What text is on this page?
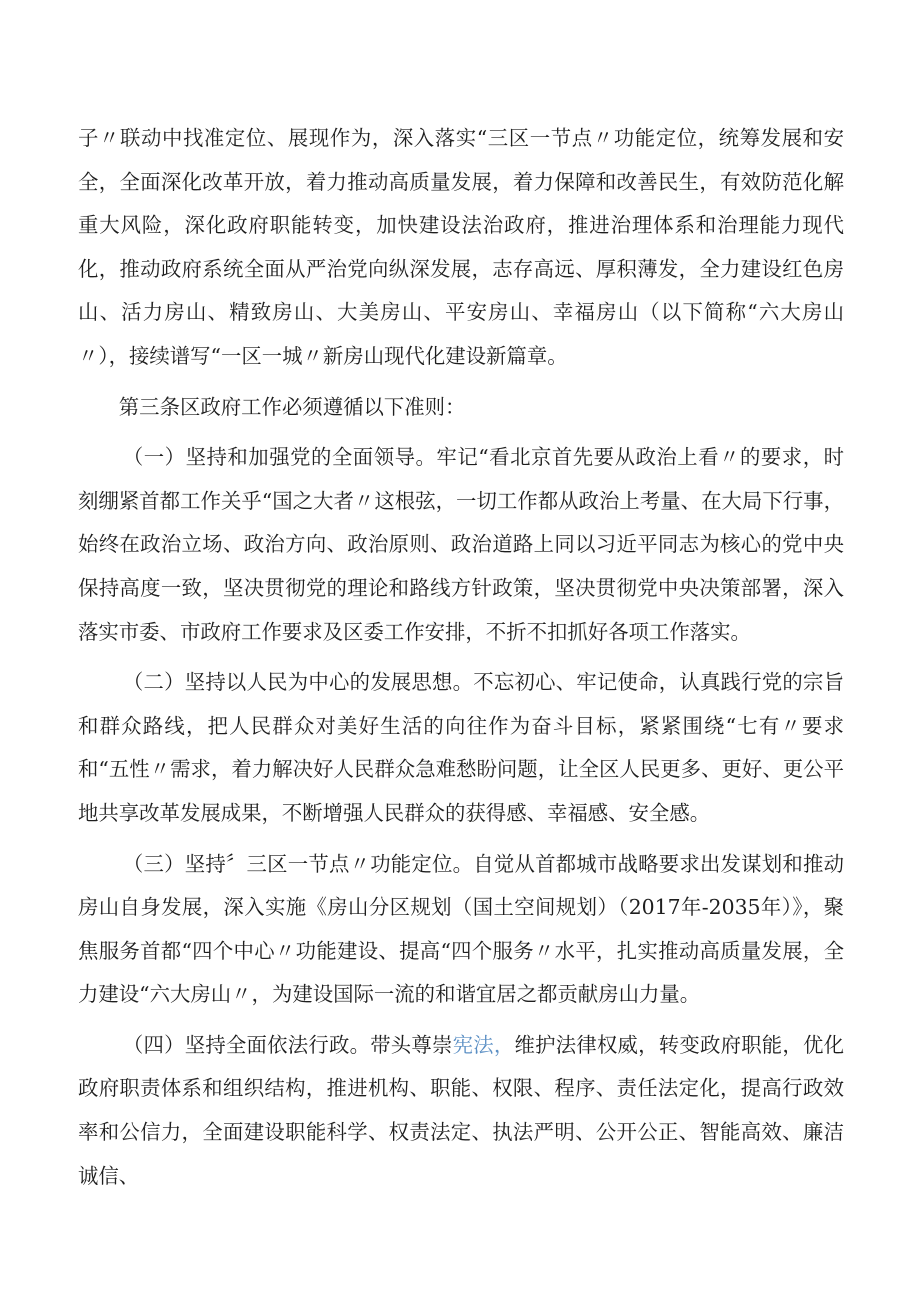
子〃联动中找准定位、展现作为，深入落实“三区一节点〃功能定位，统筹发展和安全，全面深化改革开放，着力推动高质量发展，着力保障和改善民生，有效防范化解重大风险，深化政府职能转变，加快建设法治政府，推进治理体系和治理能力现代化，推动政府系统全面从严治党向纵深发展，志存高远、厚积薄发，全力建设红色房山、活力房山、精致房山、大美房山、平安房山、幸福房山（以下简称“六大房山〃），接续谱写“一区一城〃新房山现代化建设新篇章。

第三条区政府工作必须遵循以下准则：

（一）坚持和加强党的全面领导。牢记“看北京首先要从政治上看〃的要求，时刻绷紧首都工作关乎“国之大者〃这根弦，一切工作都从政治上考量、在大局下行事，始终在政治立场、政治方向、政治原则、政治道路上同以习近平同志为核心的党中央保持高度一致，坚决贯彻党的理论和路线方针政策，坚决贯彻党中央决策部署，深入落实市委、市政府工作要求及区委工作安排，不折不扣抓好各项工作落实。

（二）坚持以人民为中心的发展思想。不忘初心、牢记使命，认真践行党的宗旨和群众路线，把人民群众对美好生活的向往作为奋斗目标，紧紧围绕“七有〃要求和“五性〃需求，着力解决好人民群众急难愁盼问题，让全区人民更多、更好、更公平地共享改革发展成果，不断增强人民群众的获得感、幸福感、安全感。

（三）坚持〞三区一节点〃功能定位。自觉从首都城市战略要求出发谋划和推动房山自身发展，深入实施《房山分区规划（国土空间规划）（2017年-2035年）》，聚焦服务首都“四个中心〃功能建设、提高“四个服务〃水平，扎实推动高质量发展，全力建设“六大房山〃，为建设国际一流的和谐宜居之都贡献房山力量。

（四）坚持全面依法行政。带头尊崇宪法，维护法律权威，转变政府职能，优化政府职责体系和组织结构，推进机构、职能、权限、程序、责任法定化，提高行政效率和公信力，全面建设职能科学、权责法定、执法严明、公开公正、智能高效、廉洁诚信、
